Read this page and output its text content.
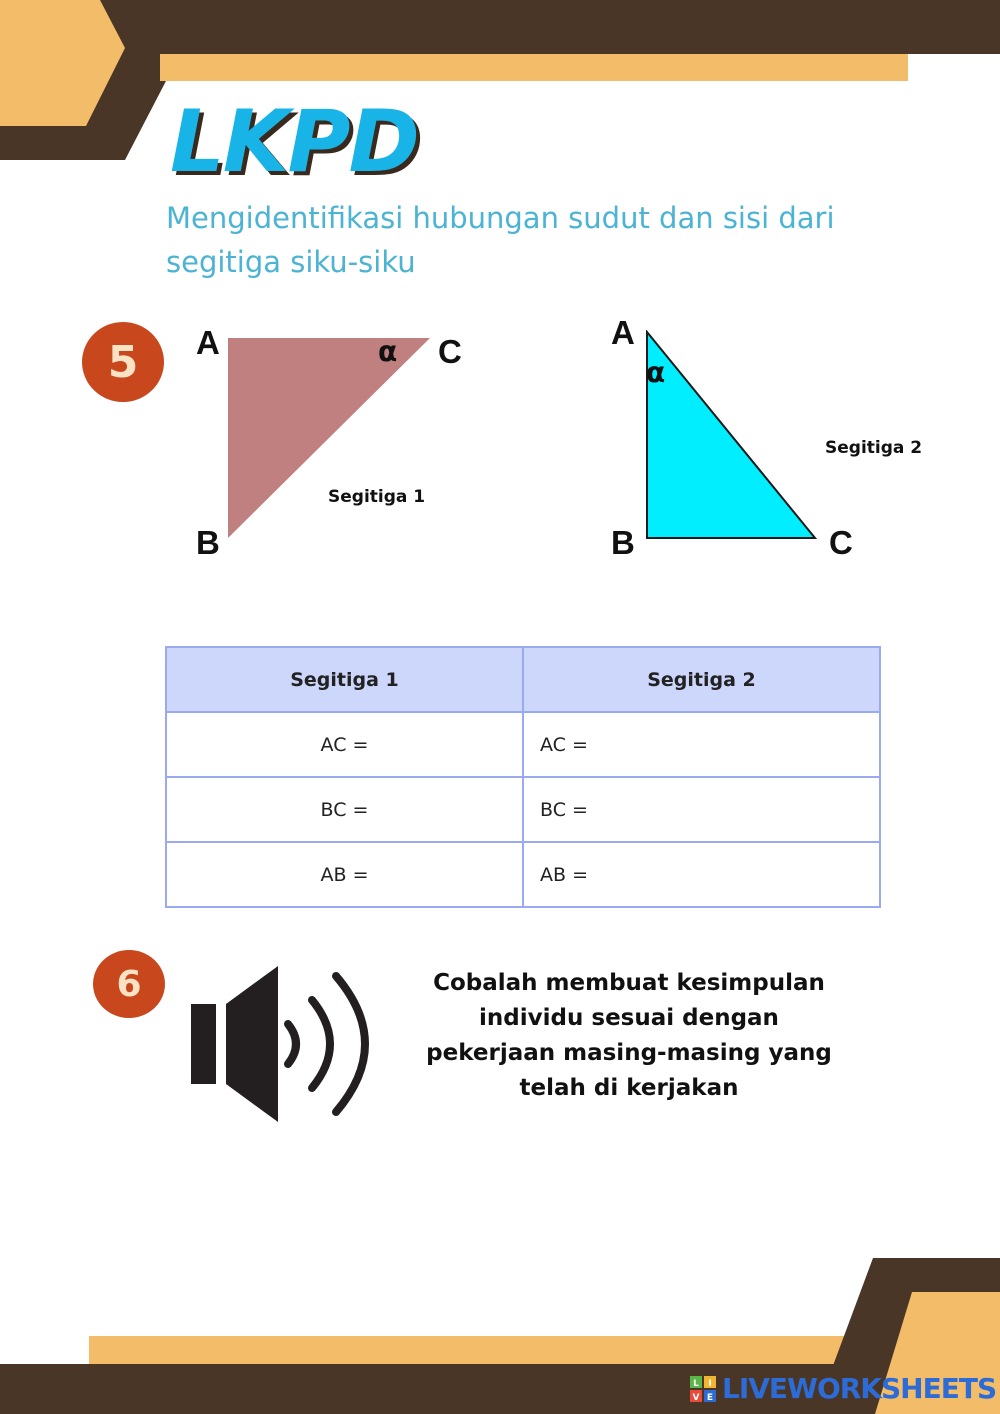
LKPD

Mengidentifikasi hubungan sudut dan sisi dari segitiga siku-siku

5	A	α C
B
Segitiga 1
A
α
B	C
Segitiga 2
Segitiga 1	Segitiga 2
AC =	AC =
BC =	BC =
AB =	AB =
6	Cobalah membuat kesimpulan individu sesuai dengan pekerjaan masing-masing yang telah di kerjakan

L I
V E LIVEWORKSHEETS
